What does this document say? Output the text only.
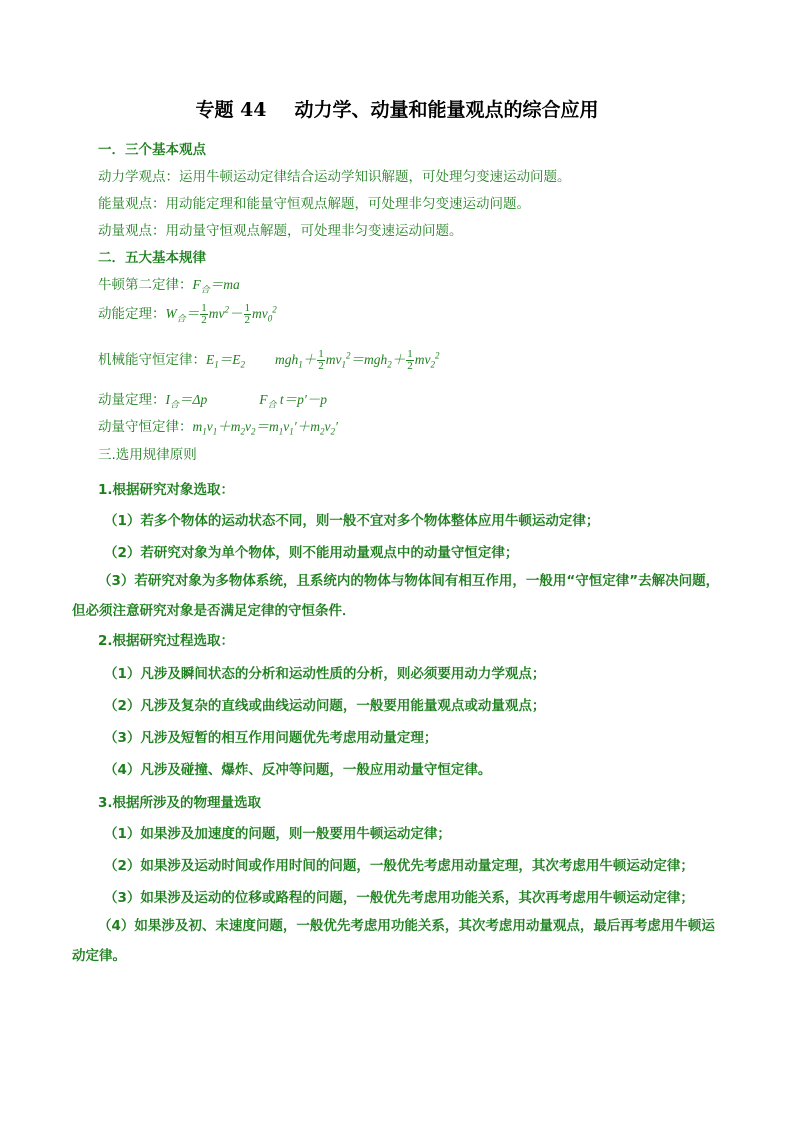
专题 44 动力学、动量和能量观点的综合应用
一．三个基本观点
动力学观点：运用牛顿运动定律结合运动学知识解题，可处理匀变速运动问题。
能量观点：用动能定理和能量守恒观点解题，可处理非匀变速运动问题。
动量观点：用动量守恒观点解题，可处理非匀变速运动问题。
二．五大基本规律
牛顿第二定律：$F_合=ma$
动能定理：$W_合= \frac{1}{2} mv^2- \frac{1}{2} mv_0^2$
机械能守恒定律：$E_1=E_2$ $mgh_1+ \frac{1}{2} mv_1^2=mgh_2+ \frac{1}{2} mv_2^2$
动量定理：$I_合=\Delta p$	$F_合$ t＝p′－p
动量守恒定律：$m_1v_1+m_2v_2=m_1v_1'+m_2v_2'$
三.选用规律原则
1.根据研究对象选取：
（1）若多个物体的运动状态不同，则一般不宜对多个物体整体应用牛顿运动定律；
（2）若研究对象为单个物体，则不能用动量观点中的动量守恒定律；
（3）若研究对象为多物体系统，且系统内的物体与物体间有相互作用，一般用“守恒定律”去解决问题，但必须注意研究对象是否满足定律的守恒条件．
2.根据研究过程选取：
（1）凡涉及瞬间状态的分析和运动性质的分析，则必须要用动力学观点；
（2）凡涉及复杂的直线或曲线运动问题，一般要用能量观点或动量观点；
（3）凡涉及短暂的相互作用问题优先考虑用动量定理；
（4）凡涉及碰撞、爆炸、反冲等问题，一般应用动量守恒定律。
3.根据所涉及的物理量选取
（1）如果涉及加速度的问题，则一般要用牛顿运动定律；
（2）如果涉及运动时间或作用时间的问题，一般优先考虑用动量定理，其次考虑用牛顿运动定律；
（3）如果涉及运动的位移或路程的问题，一般优先考虑用功能关系，其次再考虑用牛顿运动定律；
（4）如果涉及初、末速度问题，一般优先考虑用功能关系，其次考虑用动量观点，最后再考虑用牛顿运动定律。
